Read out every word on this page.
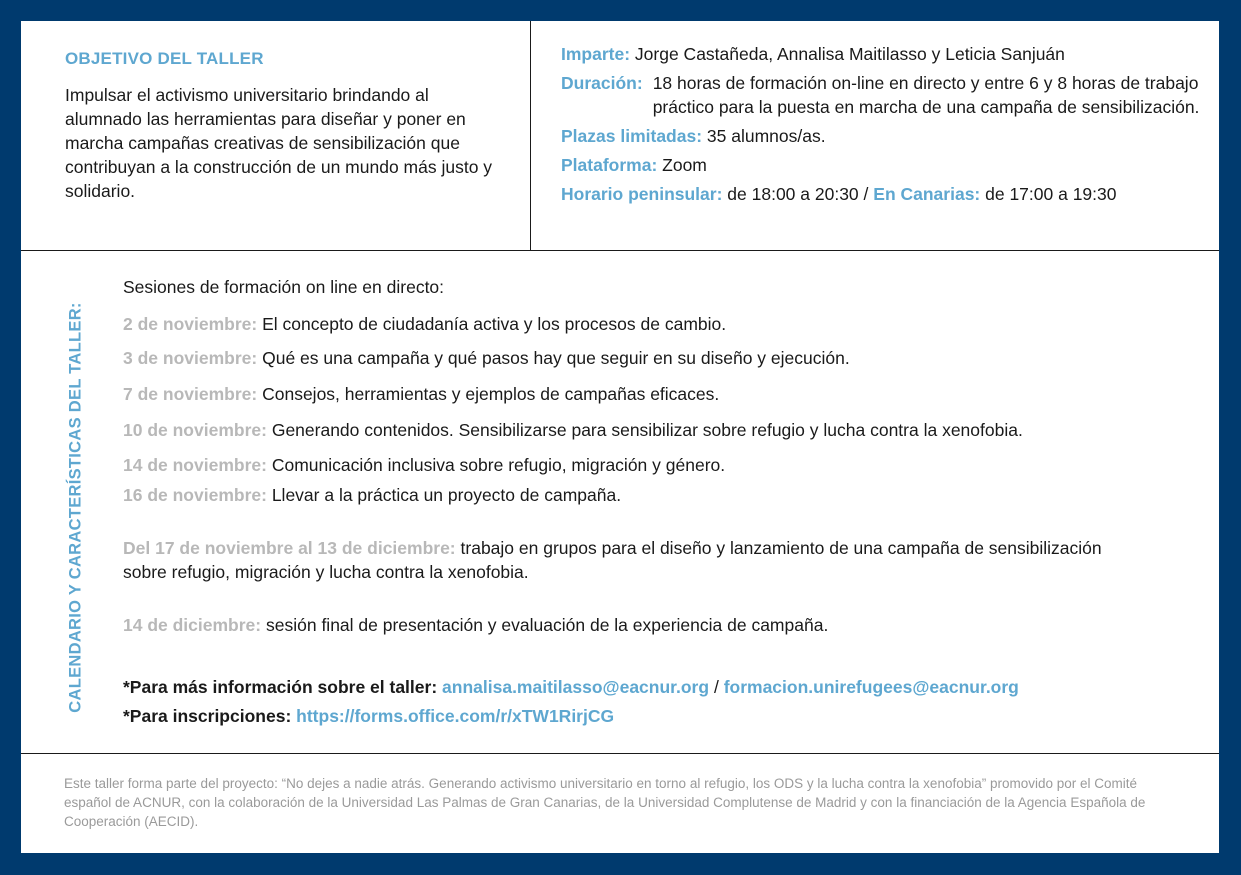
OBJETIVO DEL TALLER

Impulsar el activismo universitario brindando al alumnado las herramientas para diseñar y poner en marcha campañas creativas de sensibilización que contribuyan a la construcción de un mundo más justo y solidario.

Imparte: Jorge Castañeda, Annalisa Maitilasso y Leticia Sanjuán
Duración: 18 horas de formación on-line en directo y entre 6 y 8 horas de trabajo práctico para la puesta en marcha de una campaña de sensibilización.
Plazas limitadas: 35 alumnos/as.
Plataforma: Zoom
Horario peninsular: de 18:00 a 20:30 / En Canarias: de 17:00 a 19:30
CALENDARIO Y CARACTERÍSTICAS DEL TALLER:
Sesiones de formación on line en directo:
2 de noviembre: El concepto de ciudadanía activa y los procesos de cambio.
3 de noviembre: Qué es una campaña y qué pasos hay que seguir en su diseño y ejecución.
7 de noviembre: Consejos, herramientas y ejemplos de campañas eficaces.
10 de noviembre: Generando contenidos. Sensibilizarse para sensibilizar sobre refugio y lucha contra la xenofobia.
14 de noviembre: Comunicación inclusiva sobre refugio, migración y género.
16 de noviembre: Llevar a la práctica un proyecto de campaña.
Del 17 de noviembre al 13 de diciembre: trabajo en grupos para el diseño y lanzamiento de una campaña de sensibilización sobre refugio, migración y lucha contra la xenofobia.
14 de diciembre: sesión final de presentación y evaluación de la experiencia de campaña.
*Para más información sobre el taller: annalisa.maitilasso@eacnur.org / formacion.unirefugees@eacnur.org
*Para inscripciones: https://forms.office.com/r/xTW1RirjCG
Este taller forma parte del proyecto: “No dejes a nadie atrás. Generando activismo universitario en torno al refugio, los ODS y la lucha contra la xenofobia” promovido por el Comité español de ACNUR, con la colaboración de la Universidad Las Palmas de Gran Canarias, de la Universidad Complutense de Madrid y con la financiación de la Agencia Española de Cooperación (AECID).
